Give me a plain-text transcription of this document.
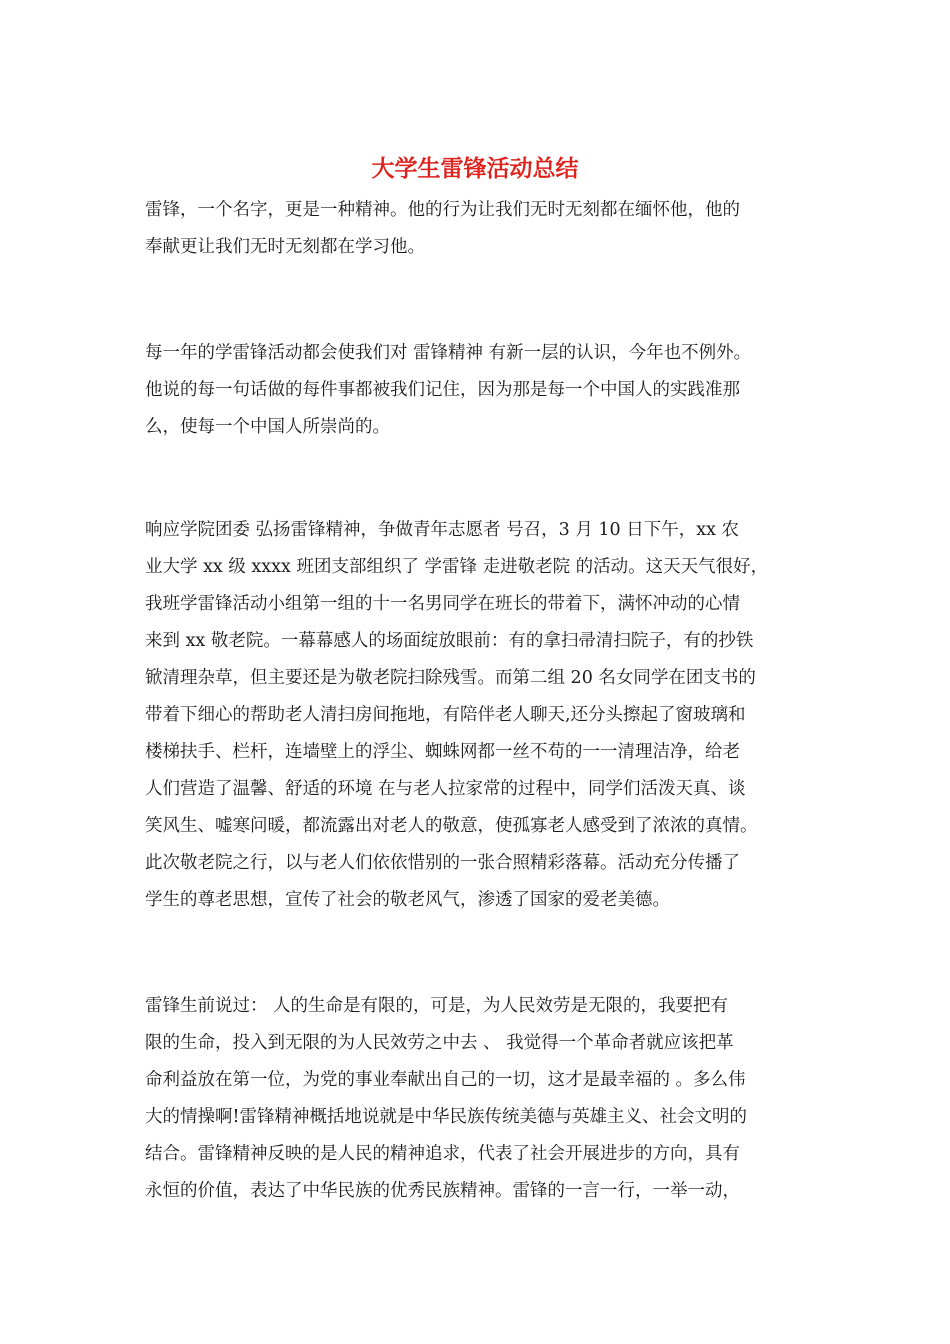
大学生雷锋活动总结
雷锋，一个名字，更是一种精神。他的行为让我们无时无刻都在缅怀他，他的
奉献更让我们无时无刻都在学习他。
每一年的学雷锋活动都会使我们对 雷锋精神 有新一层的认识，今年也不例外。
他说的每一句话做的每件事都被我们记住，因为那是每一个中国人的实践准那
么，使每一个中国人所崇尚的。
响应学院团委 弘扬雷锋精神，争做青年志愿者 号召，3 月 10 日下午，xx 农
业大学 xx 级 xxxx 班团支部组织了 学雷锋 走进敬老院 的活动。这天天气很好，
我班学雷锋活动小组第一组的十一名男同学在班长的带着下，满怀冲动的心情
来到 xx 敬老院。一幕幕感人的场面绽放眼前：有的拿扫帚清扫院子，有的抄铁
锨清理杂草，但主要还是为敬老院扫除残雪。而第二组 20 名女同学在团支书的
带着下细心的帮助老人清扫房间拖地，有陪伴老人聊天,还分头擦起了窗玻璃和
楼梯扶手、栏杆，连墙壁上的浮尘、蜘蛛网都一丝不苟的一一清理洁净，给老
人们营造了温馨、舒适的环境 在与老人拉家常的过程中，同学们活泼天真、谈
笑风生、嘘寒问暖，都流露出对老人的敬意，使孤寡老人感受到了浓浓的真情。
此次敬老院之行，以与老人们依依惜别的一张合照精彩落幕。活动充分传播了
学生的尊老思想，宣传了社会的敬老风气，渗透了国家的爱老美德。
雷锋生前说过： 人的生命是有限的，可是，为人民效劳是无限的，我要把有
限的生命，投入到无限的为人民效劳之中去 、 我觉得一个革命者就应该把革
命利益放在第一位，为党的事业奉献出自己的一切，这才是最幸福的 。多么伟
大的情操啊!雷锋精神概括地说就是中华民族传统美德与英雄主义、社会文明的
结合。雷锋精神反映的是人民的精神追求，代表了社会开展进步的方向，具有
永恒的价值，表达了中华民族的优秀民族精神。雷锋的一言一行，一举一动，
